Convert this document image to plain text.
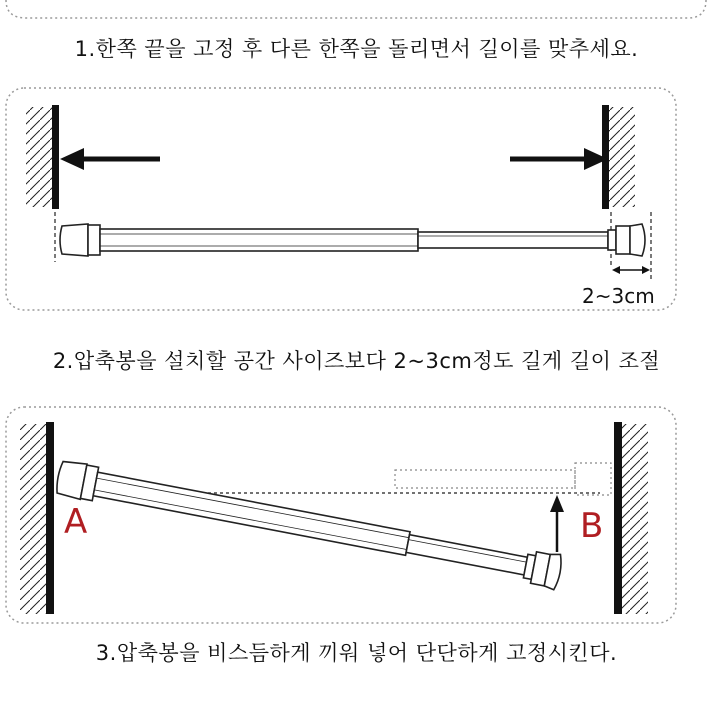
2~3cm
A	B
1.한쪽 끝을 고정 후 다른 한쪽을 돌리면서 길이를 맞추세요.
2.압축봉을 설치할 공간 사이즈보다 2~3cm정도 길게 길이 조절
3.압축봉을 비스듬하게 끼워 넣어 단단하게 고정시킨다.
